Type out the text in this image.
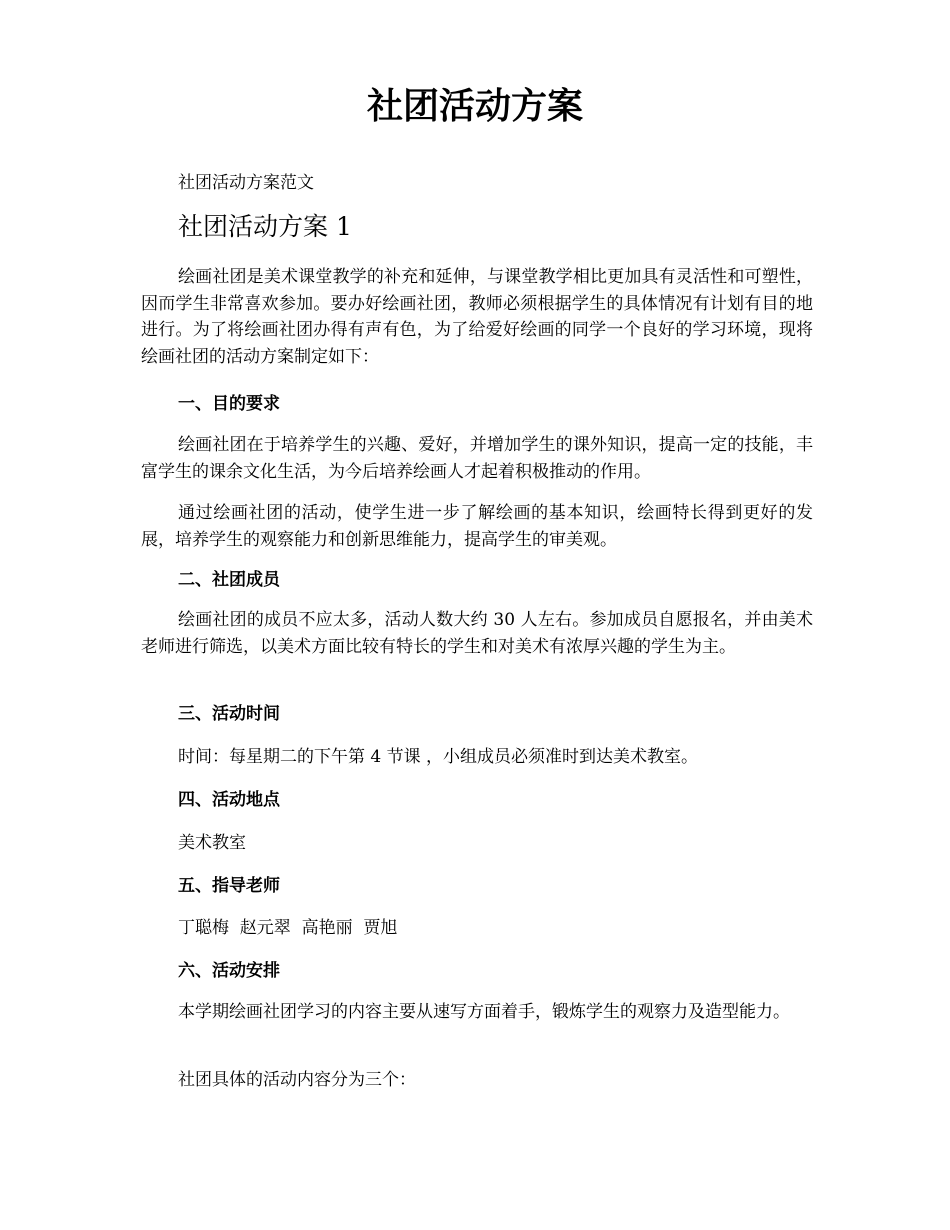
社团活动方案

社团活动方案范文

社团活动方案 1

绘画社团是美术课堂教学的补充和延伸，与课堂教学相比更加具有灵活性和可塑性，因而学生非常喜欢参加。要办好绘画社团，教师必须根据学生的具体情况有计划有目的地进行。为了将绘画社团办得有声有色，为了给爱好绘画的同学一个良好的学习环境，现将绘画社团的活动方案制定如下：

一、目的要求

绘画社团在于培养学生的兴趣、爱好，并增加学生的课外知识，提高一定的技能，丰富学生的课余文化生活，为今后培养绘画人才起着积极推动的作用。

通过绘画社团的活动，使学生进一步了解绘画的基本知识，绘画特长得到更好的发展，培养学生的观察能力和创新思维能力，提高学生的审美观。

二、社团成员

绘画社团的成员不应太多，活动人数大约 30 人左右。参加成员自愿报名，并由美术老师进行筛选，以美术方面比较有特长的学生和对美术有浓厚兴趣的学生为主。

三、活动时间

时间：每星期二的下午第 4 节课 ，小组成员必须准时到达美术教室。

四、活动地点

美术教室

五、指导老师

丁聪梅  赵元翠  高艳丽  贾旭

六、活动安排

本学期绘画社团学习的内容主要从速写方面着手，锻炼学生的观察力及造型能力。

社团具体的活动内容分为三个：
